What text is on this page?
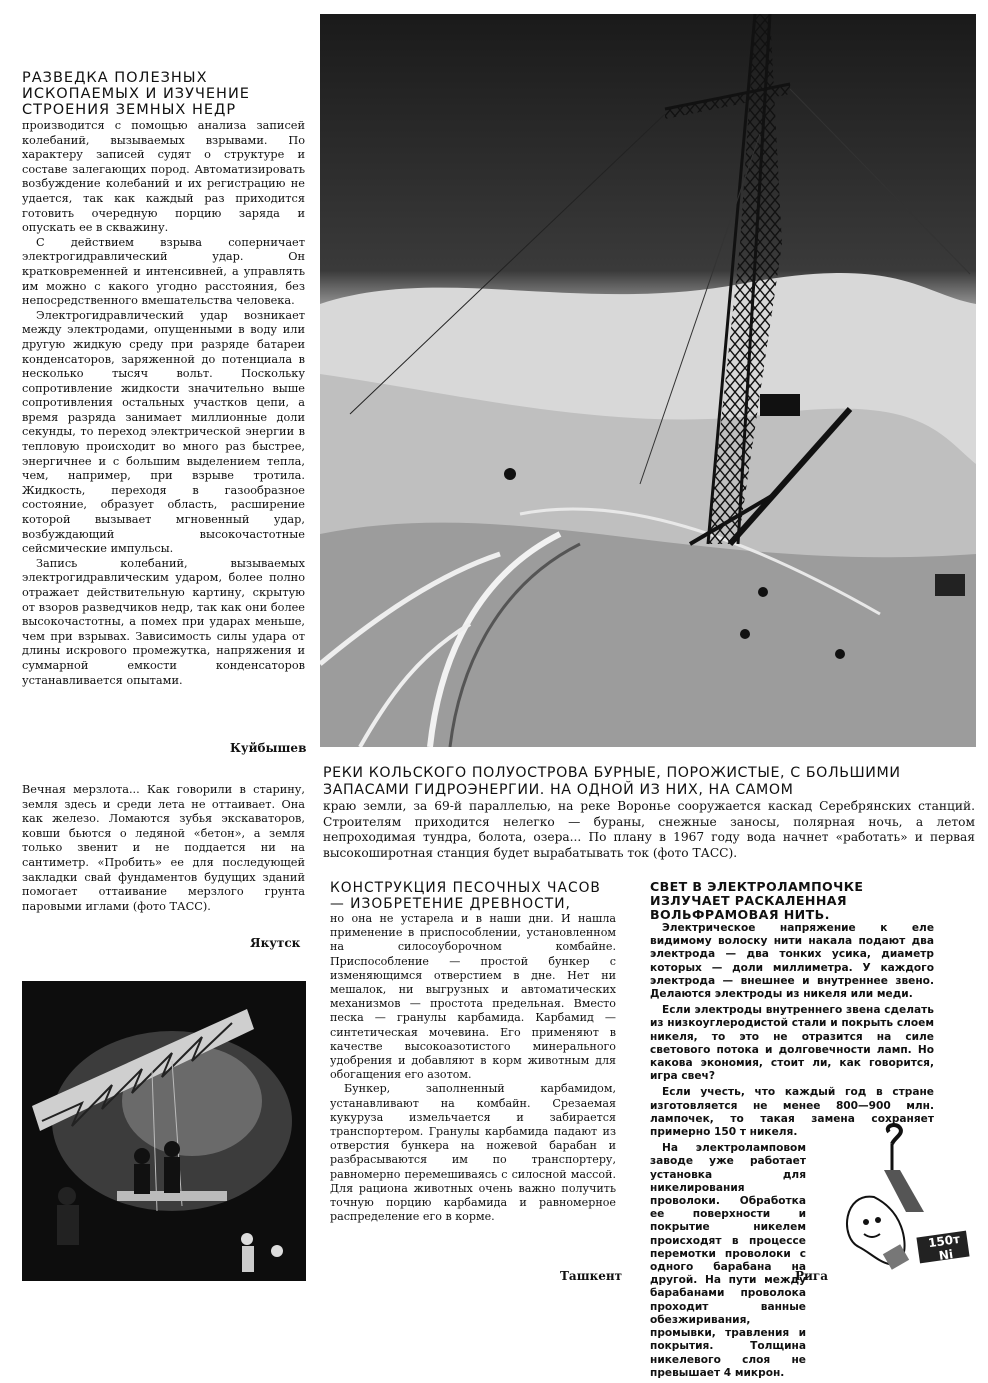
РАЗВЕДКА ПОЛЕЗНЫХ ИСКОПАЕМЫХ И ИЗУЧЕНИЕ СТРОЕНИЯ ЗЕМНЫХ НЕДР

производится с помощью анализа записей колебаний, вызываемых взрывами. По характеру записей судят о структуре и составе залегающих пород. Автоматизировать возбуждение колебаний и их регистрацию не удается, так как каждый раз приходится готовить очередную порцию заряда и опускать ее в скважину.

С действием взрыва соперничает электрогидравлический удар. Он кратковременней и интенсивней, а управлять им можно с какого угодно расстояния, без непосредственного вмешательства человека.

Электрогидравлический удар возникает между электродами, опущенными в воду или другую жидкую среду при разряде батареи конденсаторов, заряженной до потенциала в несколько тысяч вольт. Поскольку сопротивление жидкости значительно выше сопротивления остальных участков цепи, а время разряда занимает миллионные доли секунды, то переход электрической энергии в тепловую происходит во много раз быстрее, энергичнее и с большим выделением тепла, чем, например, при взрыве тротила. Жидкость, переходя в газообразное состояние, образует область, расширение которой вызывает мгновенный удар, возбуждающий высокочастотные сейсмические импульсы.

Запись колебаний, вызываемых электрогидравлическим ударом, более полно отражает действительную картину, скрытую от взоров разведчиков недр, так как они более высокочастотны, а помех при ударах меньше, чем при взрывах. Зависимость силы удара от длины искрового промежутка, напряжения и суммарной емкости конденсаторов устанавливается опытами.

Куйбышев
РЕКИ КОЛЬСКОГО ПОЛУОСТРОВА БУРНЫЕ, ПОРОЖИСТЫЕ, С БОЛЬШИМИ ЗАПАСАМИ ГИДРОЭНЕРГИИ. НА ОДНОЙ ИЗ НИХ, НА САМОМ

краю земли, за 69-й параллелью, на реке Воронье сооружается каскад Серебрянских станций. Строителям приходится нелегко — бураны, снежные заносы, полярная ночь, а летом непроходимая тундра, болота, озера... По плану в 1967 году вода начнет «работать» и первая высокоширотная станция будет вырабатывать ток (фото ТАСС).

Вечная мерзлота... Как говорили в старину, земля здесь и среди лета не оттаивает. Она как железо. Ломаются зубья экскаваторов, ковши бьются о ледяной «бетон», а земля только звенит и не поддается ни на сантиметр. «Пробить» ее для последующей закладки свай фундаментов будущих зданий помогает оттаивание мерзлого грунта паровыми иглами (фото ТАСС).

Якутск
КОНСТРУКЦИЯ ПЕСОЧНЫХ ЧАСОВ — ИЗОБРЕТЕНИЕ ДРЕВНОСТИ,

но она не устарела и в наши дни. И нашла применение в приспособлении, установленном на силосоуборочном комбайне. Приспособление — простой бункер с изменяющимся отверстием в дне. Нет ни мешалок, ни выгрузных и автоматических механизмов — простота предельная. Вместо песка — гранулы карбамида. Карбамид — синтетическая мочевина. Его применяют в качестве высокоазотистого минерального удобрения и добавляют в корм животным для обогащения его азотом.

Бункер, заполненный карбамидом, устанавливают на комбайн. Срезаемая кукуруза измельчается и забирается транспортером. Гранулы карбамида падают из отверстия бункера на ножевой барабан и разбрасываются им по транспортеру, равномерно перемешиваясь с силосной массой. Для рациона животных очень важно получить точную порцию карбамида и равномерное распределение его в корме.

Ташкент
СВЕТ В ЭЛЕКТРОЛАМПОЧКЕ ИЗЛУЧАЕТ РАСКАЛЕННАЯ ВОЛЬФРАМОВАЯ НИТЬ.

Электрическое напряжение к еле видимому волоску нити накала подают два электрода — два тонких усика, диаметр которых — доли миллиметра. У каждого электрода — внешнее и внутреннее звено. Делаются электроды из никеля или меди.

Если электроды внутреннего звена сделать из низкоуглеродистой стали и покрыть слоем никеля, то это не отразится на силе светового потока и долговечности ламп. Но какова экономия, стоит ли, как говорится, игра свеч?

Если учесть, что каждый год в стране изготовляется не менее 800—900 млн. лампочек, то такая замена сохраняет примерно 150 т никеля.

На электроламповом заводе уже работает установка для никелирования проволоки. Обработка ее поверхности и покрытие никелем происходят в процессе перемотки проволоки с одного барабана на другой. На пути между барабанами проволока проходит ванные обезжиривания, промывки, травления и покрытия. Толщина никелевого слоя не превышает 4 микрон.

Рига
150т Ni
